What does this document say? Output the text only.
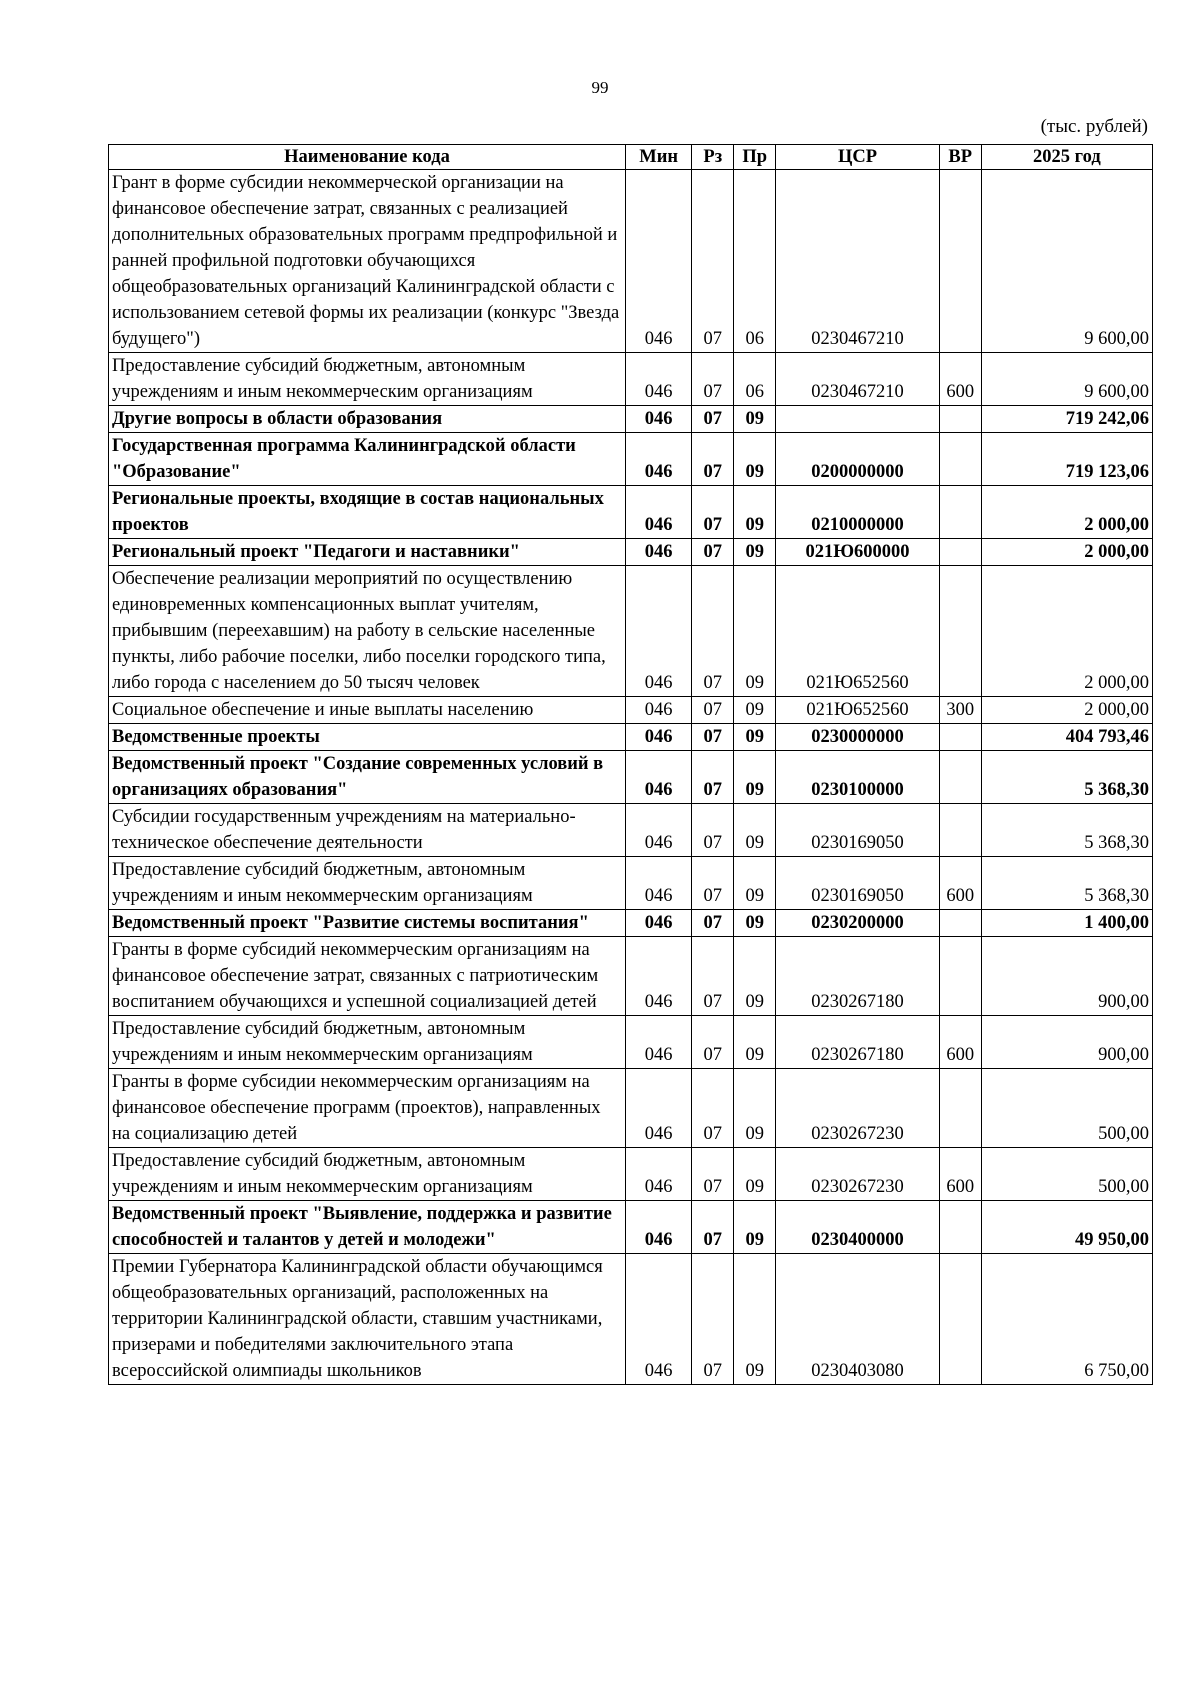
99
(тыс. рублей)
Наименование кода	Мин	Рз	Пр	ЦСР	ВР	2025 год
Грант в форме субсидии некоммерческой организации на финансовое обеспечение затрат, связанных с реализацией дополнительных образовательных программ предпрофильной и ранней профильной подготовки обучающихся общеобразовательных организаций Калининградской области с использованием сетевой формы их реализации (конкурс "Звезда будущего")	046	07	06	0230467210		9 600,00
Предоставление субсидий бюджетным, автономным учреждениям и иным некоммерческим организациям	046	07	06	0230467210	600	9 600,00
Другие вопросы в области образования	046	07	09			719 242,06
Государственная программа Калининградской области "Образование"	046	07	09	0200000000		719 123,06
Региональные проекты, входящие в состав национальных проектов	046	07	09	0210000000		2 000,00
Региональный проект "Педагоги и наставники"	046	07	09	021Ю600000		2 000,00
Обеспечение реализации мероприятий по осуществлению единовременных компенсационных выплат учителям, прибывшим (переехавшим) на работу в сельские населенные пункты, либо рабочие поселки, либо поселки городского типа, либо города с населением до 50 тысяч человек	046	07	09	021Ю652560		2 000,00
Социальное обеспечение и иные выплаты населению	046	07	09	021Ю652560	300	2 000,00
Ведомственные проекты	046	07	09	0230000000		404 793,46
Ведомственный проект "Создание современных условий в организациях образования"	046	07	09	0230100000		5 368,30
Субсидии государственным учреждениям на материально-техническое обеспечение деятельности	046	07	09	0230169050		5 368,30
Предоставление субсидий бюджетным, автономным учреждениям и иным некоммерческим организациям	046	07	09	0230169050	600	5 368,30
Ведомственный проект "Развитие системы воспитания"	046	07	09	0230200000		1 400,00
Гранты в форме субсидий некоммерческим организациям на финансовое обеспечение затрат, связанных с патриотическим воспитанием обучающихся и успешной социализацией детей	046	07	09	0230267180		900,00
Предоставление субсидий бюджетным, автономным учреждениям и иным некоммерческим организациям	046	07	09	0230267180	600	900,00
Гранты в форме субсидии некоммерческим организациям на финансовое обеспечение программ (проектов), направленных на социализацию детей	046	07	09	0230267230		500,00
Предоставление субсидий бюджетным, автономным учреждениям и иным некоммерческим организациям	046	07	09	0230267230	600	500,00
Ведомственный проект "Выявление, поддержка и развитие способностей и талантов у детей и молодежи"	046	07	09	0230400000		49 950,00
Премии Губернатора Калининградской области обучающимся общеобразовательных организаций, расположенных на территории Калининградской области, ставшим участниками, призерами и победителями заключительного этапа всероссийской олимпиады школьников	046	07	09	0230403080		6 750,00
